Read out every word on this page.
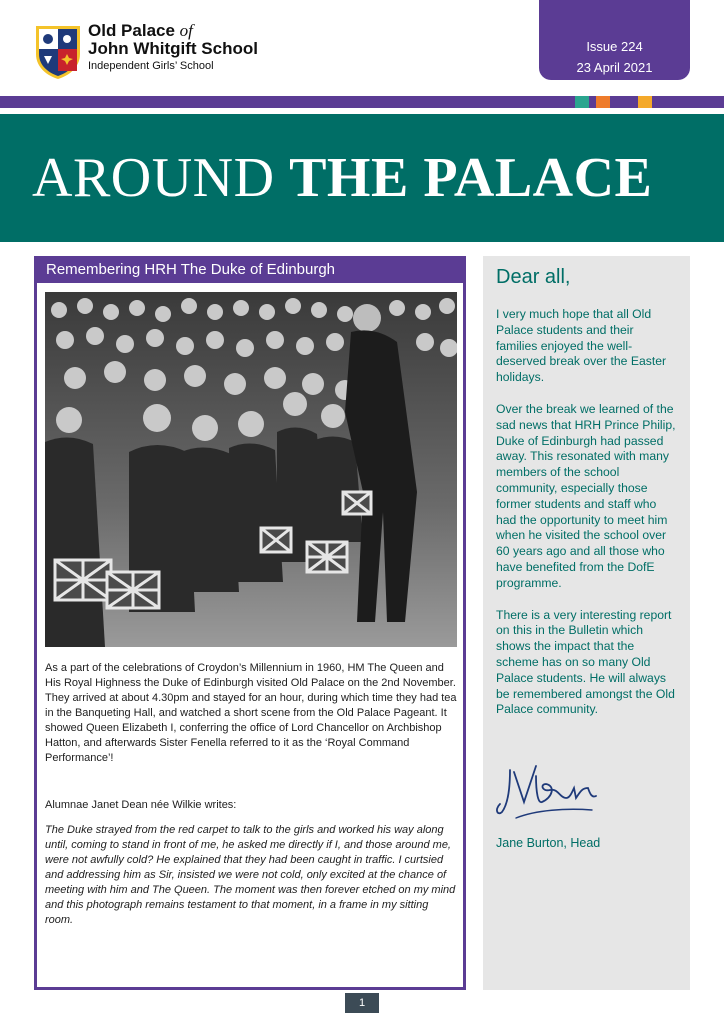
Old Palace of
John Whitgift School
Independent Girls’ School
Issue 224
23 April 2021
AROUND THE PALACE
Remembering HRH The Duke of Edinburgh

As a part of the celebrations of Croydon’s Millennium in 1960, HM The Queen and His Royal Highness the Duke of Edinburgh visited Old Palace on the 2nd November. They arrived at about 4.30pm and stayed for an hour, during which time they had tea in the Banqueting Hall, and watched a short scene from the Old Palace Pageant. It showed Queen Elizabeth I, conferring the office of Lord Chancellor on Archbishop Hatton, and afterwards Sister Fenella referred to it as the ‘Royal Command Performance’!

Alumnae Janet Dean née Wilkie writes:

The Duke strayed from the red carpet to talk to the girls and worked his way along until, coming to stand in front of me, he asked me directly if I, and those around me, were not awfully cold? He explained that they had been caught in traffic. I curtsied and addressing him as Sir, insisted we were not cold, only excited at the chance of meeting with him and The Queen. The moment was then forever etched on my mind and this photograph remains testament to that moment, in a frame in my sitting room.

Dear all,

I very much hope that all Old Palace students and their families enjoyed the well-deserved break over the Easter holidays.

Over the break we learned of the sad news that HRH Prince Philip, Duke of Edinburgh had passed away. This resonated with many members of the school community, especially those former students and staff who had the opportunity to meet him when he visited the school over 60 years ago and all those who have benefited from the DofE programme.

There is a very interesting report on this in the Bulletin which shows the impact that the scheme has on so many Old Palace students. He will always be remembered amongst the Old Palace community.

Jane Burton, Head
1
